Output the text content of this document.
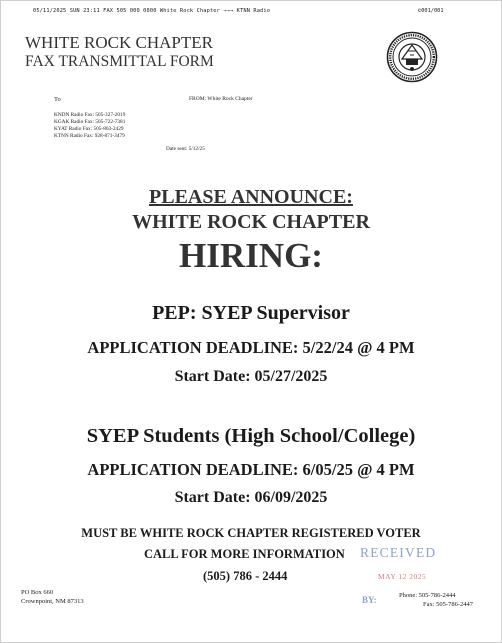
05/11/2025 SUN 23:11 FAX 505 000 0000 White Rock Chapter →→→ KTNN Radio	©001/001
WHITE ROCK CHAPTER
FAX TRANSMITTAL FORM
To	FROM: White Rock Chapter
KNDN Radio Fax: 505-327-2019
KGAK Radio Fax: 505-722-7381
KYAT Radio Fax: 505-863-2429
KTNN Radio Fax: 928-871-3479
Date sent: 5/12/25
PLEASE ANNOUNCE:
WHITE ROCK CHAPTER
HIRING:
PEP: SYEP Supervisor
APPLICATION DEADLINE: 5/22/24 @ 4 PM
Start Date: 05/27/2025
SYEP Students (High School/College)
APPLICATION DEADLINE: 6/05/25 @ 4 PM
Start Date: 06/09/2025
MUST BE WHITE ROCK CHAPTER REGISTERED VOTER
CALL FOR MORE INFORMATION
(505) 786 - 2444
RECEIVED
MAY 12 2025
BY:
PO Box 660
Crownpoint, NM 87313
Phone: 505-786-2444
Fax: 505-786-2447
